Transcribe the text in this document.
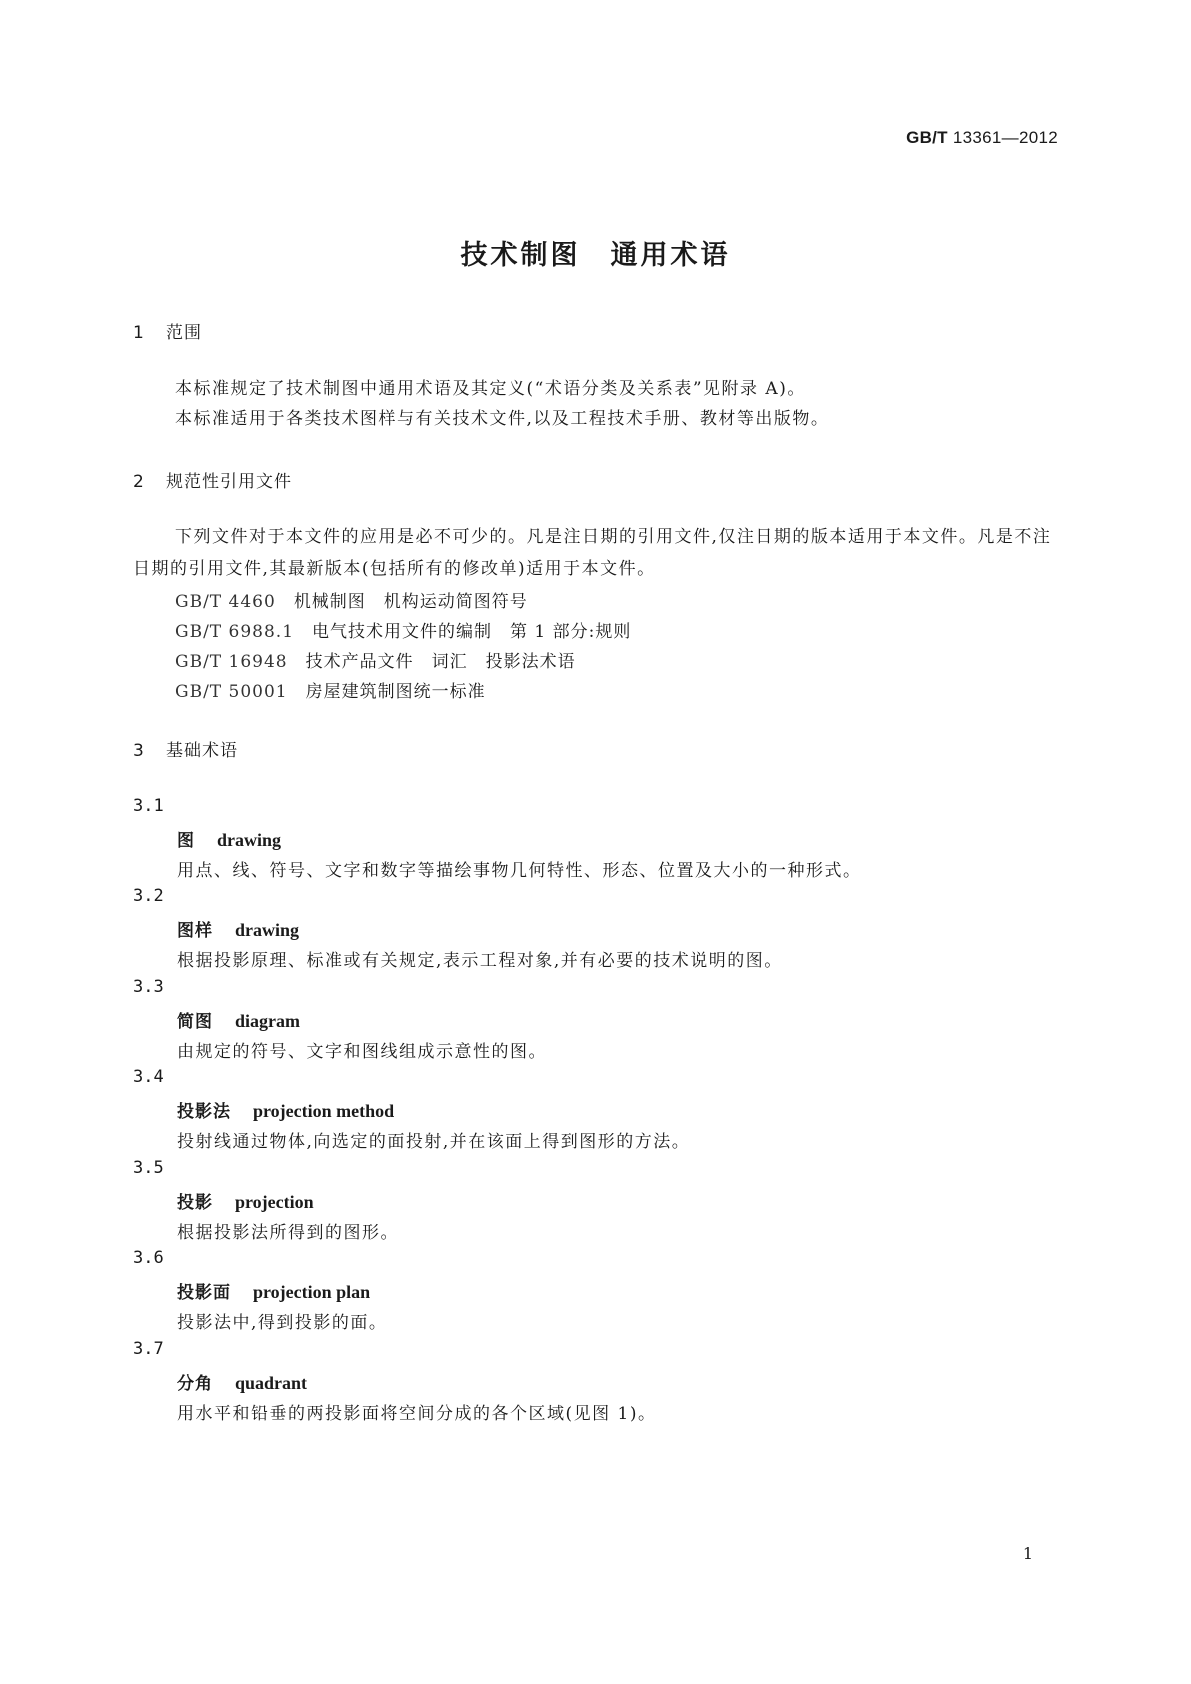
GB/T 13361—2012
技术制图　通用术语
1 范围

本标准规定了技术制图中通用术语及其定义(“术语分类及关系表”见附录 A)。

本标准适用于各类技术图样与有关技术文件,以及工程技术手册、教材等出版物。

2 规范性引用文件

下列文件对于本文件的应用是必不可少的。凡是注日期的引用文件,仅注日期的版本适用于本文件。凡是不注日期的引用文件,其最新版本(包括所有的修改单)适用于本文件。

GB/T 4460　 机械制图　机构运动简图符号
GB/T 6988.1　 电气技术用文件的编制　第 1 部分:规则
GB/T 16948　 技术产品文件　词汇　投影法术语
GB/T 50001　 房屋建筑制图统一标准
3 基础术语
3.1
图 drawing
用点、线、符号、文字和数字等描绘事物几何特性、形态、位置及大小的一种形式。
3.2
图样 drawing
根据投影原理、标准或有关规定,表示工程对象,并有必要的技术说明的图。
3.3
简图 diagram
由规定的符号、文字和图线组成示意性的图。
3.4
投影法 projection method
投射线通过物体,向选定的面投射,并在该面上得到图形的方法。
3.5
投影 projection
根据投影法所得到的图形。
3.6
投影面 projection plan
投影法中,得到投影的面。
3.7
分角 quadrant
用水平和铅垂的两投影面将空间分成的各个区域(见图 1)。
1
